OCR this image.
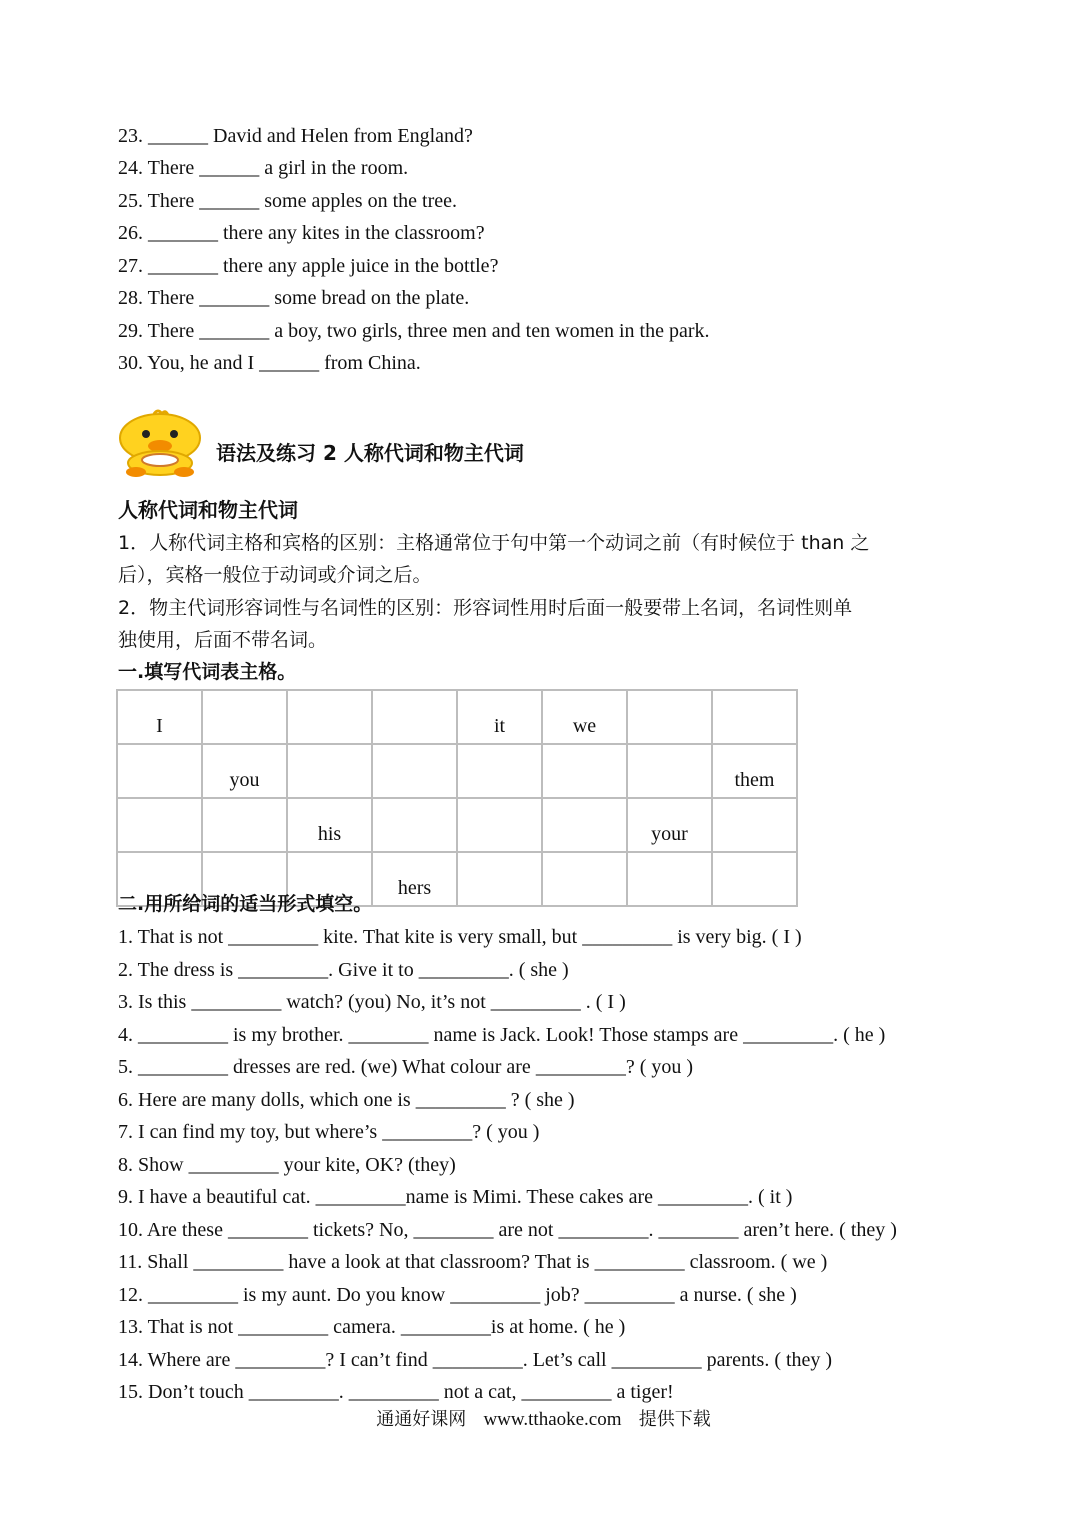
23. ______ David and Helen from England?
24. There ______ a girl in the room.
25. There ______ some apples on the tree.
26. _______ there any kites in the classroom?
27. _______ there any apple juice in the bottle?
28. There _______ some bread on the plate.
29. There _______ a boy, two girls, three men and ten women in the park.
30. You, he and I ______ from China.
语法及练习 2 人称代词和物主代词
人称代词和物主代词
1．人称代词主格和宾格的区别：主格通常位于句中第一个动词之前（有时候位于 than 之
后），宾格一般位于动词或介词之后。
2．物主代词形容词性与名词性的区别：形容词性用时后面一般要带上名词，名词性则单
独使用，后面不带名词。
一.填写代词表主格。
I				it	we		
	you						them
		his				your	
			hers				
二.用所给词的适当形式填空。
1. That is not _________ kite. That kite is very small, but _________ is very big. ( I )
2. The dress is _________. Give it to _________. ( she )
3. Is this _________ watch? (you) No, it’s not _________ . ( I )
4. _________ is my brother. ________ name is Jack. Look! Those stamps are _________. ( he )
5. _________ dresses are red. (we) What colour are _________? ( you )
6. Here are many dolls, which one is _________ ? ( she )
7. I can find my toy, but where’s _________? ( you )
8. Show _________ your kite, OK? (they)
9. I have a beautiful cat. _________name is Mimi. These cakes are _________. ( it )
10. Are these ________ tickets? No, ________ are not _________. ________ aren’t here. ( they )
11. Shall _________ have a look at that classroom? That is _________ classroom. ( we )
12. _________ is my aunt. Do you know _________ job? _________ a nurse. ( she )
13. That is not _________ camera. _________is at home. ( he )
14. Where are _________? I can’t find _________. Let’s call _________ parents. ( they )
15. Don’t touch _________. _________ not a cat, _________ a tiger!
通通好课网 www.tthaoke.com 提供下载
